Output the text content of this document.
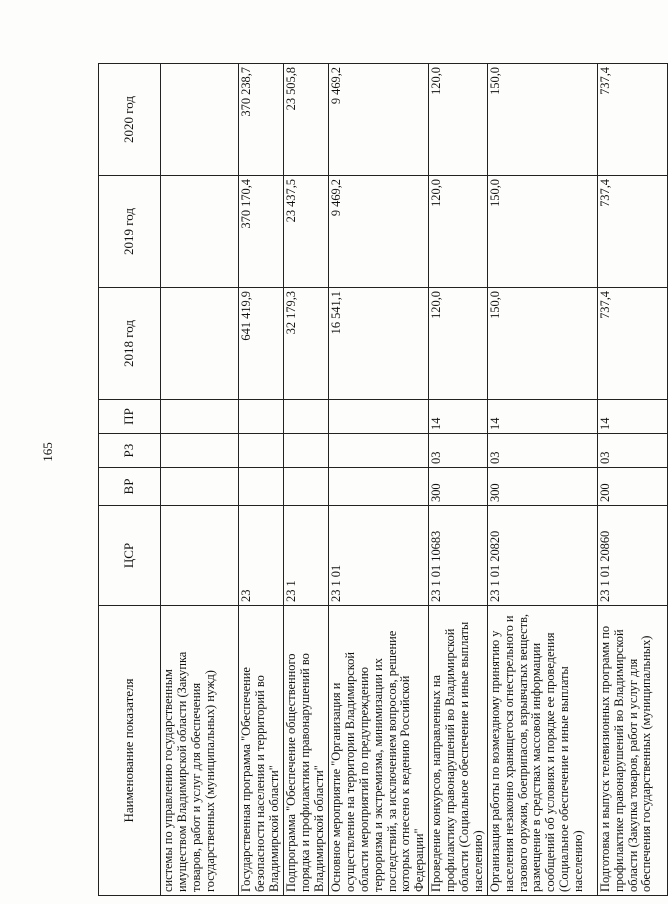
165
Наименование показателя	ЦСР	ВР	РЗ	ПР	2018 год	2019 год	2020 год
системы по управлению государственным имуществом Владимирской области (Закупка товаров, работ и услуг для обеспечения государственных (муниципальных) нужд)							
Государственная программа "Обеспечение безопасности населения и территорий во Владимирской области"	23				641 419,9	370 170,4	370 238,7
Подпрограмма "Обеспечение общественного порядка и профилактики правонарушений во Владимирской области"	23 1				32 179,3	23 437,5	23 505,8
Основное мероприятие "Организация и осуществление на территории Владимирской области мероприятий по предупреждению терроризма и экстремизма, минимизации их последствий, за исключением вопросов, решение которых отнесено к ведению Российской Федерации"	23 1 01				16 541,1	9 469,2	9 469,2
Проведение конкурсов, направленных на профилактику правонарушений во Владимирской области (Социальное обеспечение и иные выплаты населению)	23 1 01 10683	300	03	14	120,0	120,0	120,0
Организация работы по возмездному принятию у населения незаконно хранящегося огнестрельного и газового оружия, боеприпасов, взрывчатых веществ, размещение в средствах массовой информации сообщений об условиях и порядке ее проведения (Социальное обеспечение и иные выплаты населению)	23 1 01 20820	300	03	14	150,0	150,0	150,0
Подготовка и выпуск телевизионных программ по профилактике правонарушений во Владимирской области (Закупка товаров, работ и услуг для обеспечения государственных (муниципальных)	23 1 01 20860	200	03	14	737,4	737,4	737,4
